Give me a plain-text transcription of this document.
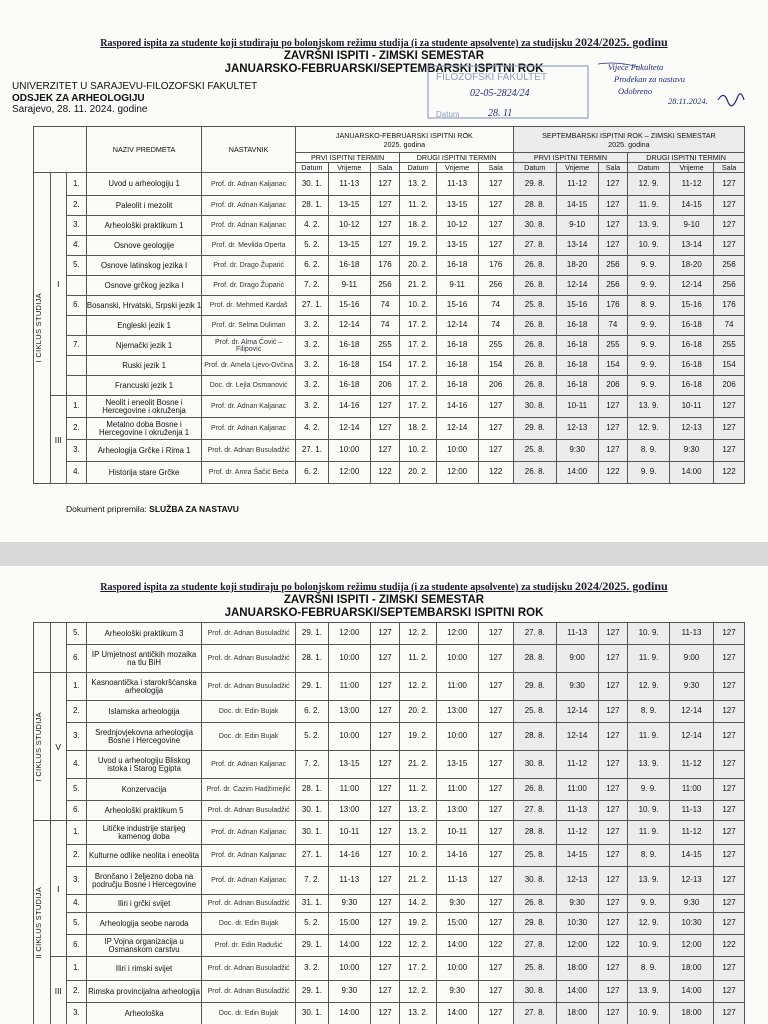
Raspored ispita za studente koji studiraju po bolonjskom režimu studija (i za studente apsolvente) za studijsku 2024/2025. godinu
ZAVRŠNI ISPITI - ZIMSKI SEMESTAR
JANUARSKO-FEBRUARSKI/SEPTEMBARSKI ISPITNI ROK
UNIVERZITET U SARAJEVU-FILOZOFSKI FAKULTET
ODSJEK ZA ARHEOLOGIJU
Sarajevo, 28. 11. 2024. godine
FILOZOFSKI FAKULTET
02-05-2824/24
Datum	28. 11
Vijeće Fakulteta
Prodekan za nastavu
Odobreno
28.11.2024.
			NAZIV PREDMETA	NASTAVNIK	JANUARSKO-FEBRUARSKI ISPITNI ROK
2025. godina						SEPTEMBARSKI ISPITNI ROK – ZIMSKI SEMESTAR
2025. godina					
					PRVI ISPITNI TERMIN			DRUGI ISPITNI TERMIN			PRVI ISPITNI TERMIN			DRUGI ISPITNI TERMIN		
					Datum	Vrijeme	Sala	Datum	Vrijeme	Sala	Datum	Vrijeme	Sala	Datum	Vrijeme	Sala

I CIKLUS STUDIJA	I	1.	Uvod u arheologiju 1	Prof. dr. Adnan Kaljanac	30. 1.	11-13	127	13. 2.	11-13	127	29. 8.	11-12	127	12. 9.	11-12	127
		2.	Paleolit i mezolit	Prof. dr. Adnan Kaljanac	28. 1.	13-15	127	11. 2.	13-15	127	28. 8.	14-15	127	11. 9.	14-15	127
		3.	Arheološki praktikum 1	Prof. dr. Adnan Kaljanac	4. 2.	10-12	127	18. 2.	10-12	127	30. 8.	9-10	127	13. 9.	9-10	127
		4.	Osnove geologije	Prof. dr. Mevlida Operta	5. 2.	13-15	127	19. 2.	13-15	127	27. 8.	13-14	127	10. 9.	13-14	127
		5.	Osnove latinskog jezika I	Prof. dr. Drago Župarić	6. 2.	16-18	176	20. 2.	16-18	176	26. 8.	18-20	256	9. 9.	18-20	256
			Osnove grčkog jezika I	Prof. dr. Drago Župarić	7. 2.	9-11	256	21. 2.	9-11	256	26. 8.	12-14	256	9. 9.	12-14	256
		6.	Bosanski, Hrvatski, Srpski jezik 1	Prof. dr. Mehmed Kardaš	27. 1.	15-16	74	10. 2.	15-16	74	25. 8.	15-16	176	8. 9.	15-16	176
			Engleski jezik 1	Prof. dr. Selma Duliman	3. 2.	12-14	74	17. 2.	12-14	74	26. 8.	16-18	74	9. 9.	16-18	74
		7.	Njemački jezik 1	Prof. dr. Alma Čović – Filipović	3. 2.	16-18	255	17. 2.	16-18	255	26. 8.	16-18	255	9. 9.	16-18	255
			Ruski jezik 1	Prof. dr. Amela Ljevo-Ovčina	3. 2.	16-18	154	17. 2.	16-18	154	26. 8.	16-18	154	9. 9.	16-18	154
			Francuski jezik 1	Doc. dr. Lejla Osmanović	3. 2.	16-18	206	17. 2.	16-18	206	26. 8.	16-18	206	9. 9.	16-18	206
	III	1.	Neolit i eneolit Bosne i Hercegovine i okruženja	Prof. dr. Adnan Kaljanac	3. 2.	14-16	127	17. 2.	14-16	127	30. 8.	10-11	127	13. 9.	10-11	127
		2.	Metalno doba Bosne i Hercegovine i okruženja 1	Prof. dr. Adnan Kaljanac	4. 2.	12-14	127	18. 2.	12-14	127	29. 8.	12-13	127	12. 9.	12-13	127
		3.	Arheologija Grčke i Rima 1	Prof. dr. Adnan Busuladžić	27. 1.	10:00	127	10. 2.	10:00	127	25. 8.	9:30	127	8. 9.	9:30	127
		4.	Historija stare Grčke	Prof. dr. Amra Šačić Beća	6. 2.	12:00	122	20. 2.	12:00	122	26. 8.	14:00	122	9. 9.	14:00	122
Dokument pripremila: SLUŽBA ZA NASTAVU
Raspored ispita za studente koji studiraju po bolonjskom režimu studija (i za studente apsolvente) za studijsku 2024/2025. godinu
ZAVRŠNI ISPITI - ZIMSKI SEMESTAR
JANUARSKO-FEBRUARSKI/SEPTEMBARSKI ISPITNI ROK
		5.	Arheološki praktikum 3	Prof. dr. Adnan Busuladžić	29. 1.	12:00	127	12. 2.	12:00	127	27. 8.	11-13	127	10. 9.	11-13	127
		6.	IP Umjetnost antičkih mozaika na tlu BiH	Prof. dr. Adnan Busuladžić	28. 1.	10:00	127	11. 2.	10:00	127	28. 8.	9:00	127	11. 9.	9:00	127

I CIKLUS STUDIJA	V	1.	Kasnoantička i starokršćanska arheologija	Prof. dr. Adnan Busuladžić	29. 1.	11:00	127	12. 2.	11:00	127	29. 8.	9:30	127	12. 9.	9:30	127
		2.	Islamska arheologija	Doc. dr. Edin Bujak	6. 2.	13:00	127	20. 2.	13:00	127	25. 8.	12-14	127	8. 9.	12-14	127
		3.	Srednjovjekovna arheologija Bosne i Hercegovine	Doc. dr. Edin Bujak	5. 2.	10:00	127	19. 2.	10:00	127	28. 8.	12-14	127	11. 9.	12-14	127
		4.	Uvod u arheologiju Bliskog istoka i Starog Egipta	Prof. dr. Adnan Kaljanac	7. 2.	13-15	127	21. 2.	13-15	127	30. 8.	11-12	127	13. 9.	11-12	127
		5.	Konzervacija	Prof. dr. Ćazim Hadžimejlić	28. 1.	11:00	127	11. 2.	11:00	127	26. 8.	11:00	127	9. 9.	11:00	127
		6.	Arheološki praktikum 5	Prof. dr. Adnan Busuladžić	30. 1.	13:00	127	13. 2.	13:00	127	27. 8.	11-13	127	10. 9.	11-13	127

II CIKLUS STUDIJA	I	1.	Litičke industrije starijeg kamenog doba	Prof. dr. Adnan Kaljanac	30. 1.	10-11	127	13. 2.	10-11	127	28. 8.	11-12	127	11. 9.	11-12	127
		2.	Kulturne odlike neolita i eneolita	Prof. dr. Adnan Kaljanac	27. 1.	14-16	127	10. 2.	14-16	127	25. 8.	14-15	127	8. 9.	14-15	127
		3.	Brončano i željezno doba na području Bosne i Hercegovine	Prof. dr. Adnan Kaljanac	7. 2.	11-13	127	21. 2.	11-13	127	30. 8.	12-13	127	13. 9.	12-13	127
		4.	Iliri i grčki svijet	Prof. dr. Adnan Busuladžić	31. 1.	9:30	127	14. 2.	9:30	127	26. 8.	9:30	127	9. 9.	9:30	127
		5.	Arheologija seobe naroda	Doc. dr. Edin Bujak	5. 2.	15:00	127	19. 2.	15:00	127	29. 8.	10:30	127	12. 9.	10:30	127
		6.	IP Vojna organizacija u Osmanskom carstvu	Prof. dr. Edin Radušić	29. 1.	14:00	122	12. 2.	14:00	122	27. 8.	12:00	122	10. 9.	12:00	122
	III	1.	Iliri i rimski svijet	Prof. dr. Adnan Busuladžić	3. 2.	10:00	127	17. 2.	10:00	127	25. 8.	18:00	127	8. 9.	18:00	127
		2.	Rimska provincijalna arheologija	Prof. dr. Adnan Busuladžić	29. 1.	9:30	127	12. 2.	9:30	127	30. 8.	14:00	127	13. 9.	14:00	127
		3.	Arheološka	Doc. dr. Edin Bujak	30. 1.	14:00	127	13. 2.	14:00	127	27. 8.	18:00	127	10. 9.	18:00	127
